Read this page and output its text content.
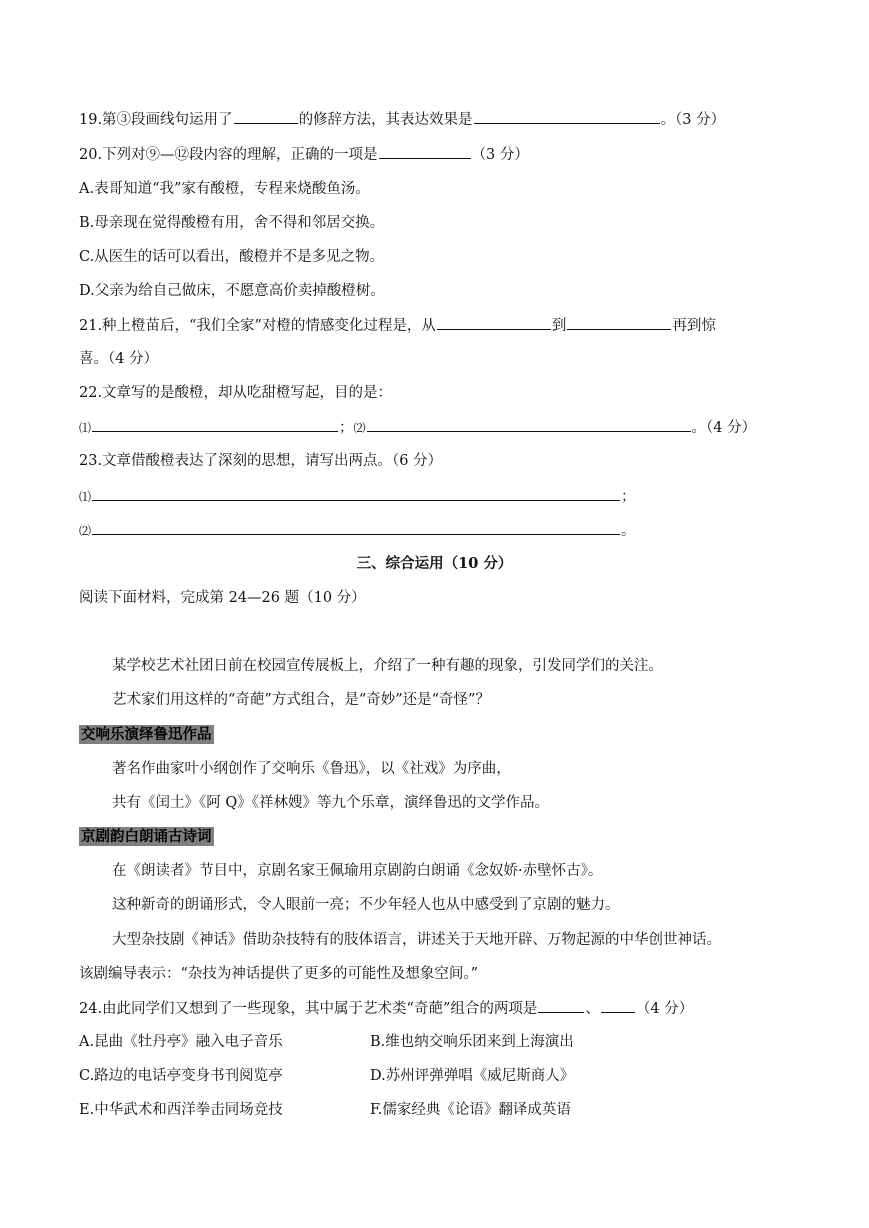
19.第③段画线句运用了	的修辞方法，其表达效果是	。（3 分）
20.下列对⑨—⑫段内容的理解，正确的一项是	（3 分）
A.表哥知道“我”家有酸橙，专程来烧酸鱼汤。
B.母亲现在觉得酸橙有用，舍不得和邻居交换。
C.从医生的话可以看出，酸橙并不是多见之物。
D.父亲为给自己做床，不愿意高价卖掉酸橙树。
21.种上橙苗后，“我们全家”对橙的情感变化过程是，从	到	再到惊
喜。（4 分）
22.文章写的是酸橙，却从吃甜橙写起，目的是：
⑴	；⑵	。（4 分）
23.文章借酸橙表达了深刻的思想，请写出两点。（6 分）
⑴	；
⑵	。
三、综合运用（10 分）
阅读下面材料，完成第 24—26 题（10 分）
某学校艺术社团日前在校园宣传展板上，介绍了一种有趣的现象，引发同学们的关注。
艺术家们用这样的“奇葩”方式组合，是“奇妙”还是“奇怪”？
交响乐演绎鲁迅作品
著名作曲家叶小纲创作了交响乐《鲁迅》，以《社戏》为序曲，
共有《闰土》《阿 Q》《祥林嫂》等九个乐章，演绎鲁迅的文学作品。
京剧韵白朗诵古诗词
在《朗读者》节目中，京剧名家王佩瑜用京剧韵白朗诵《念奴娇·赤壁怀古》。
这种新奇的朗诵形式，令人眼前一亮；不少年轻人也从中感受到了京剧的魅力。
大型杂技剧《神话》借助杂技特有的肢体语言，讲述关于天地开辟、万物起源的中华创世神话。
该剧编导表示：“杂技为神话提供了更多的可能性及想象空间。”
24.由此同学们又想到了一些现象，其中属于艺术类“奇葩”组合的两项是	、 （4 分）
A.昆曲《牡丹亭》融入电子音乐	B.维也纳交响乐团来到上海演出
C.路边的电话亭变身书刊阅览亭	D.苏州评弹弹唱《威尼斯商人》
E.中华武术和西洋拳击同场竞技	F.儒家经典《论语》翻译成英语
